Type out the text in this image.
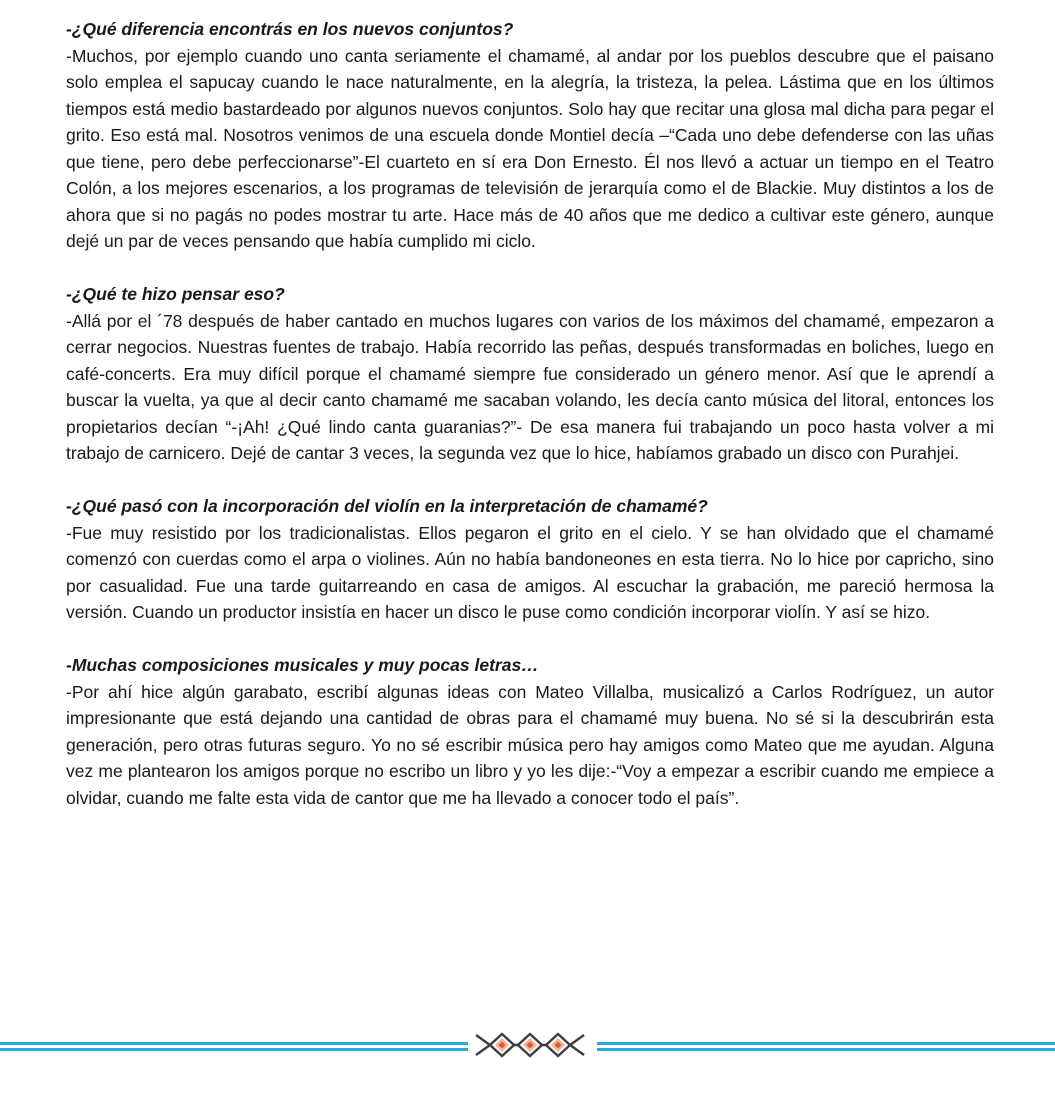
-¿Qué diferencia encontrás en los nuevos conjuntos?

-Muchos, por ejemplo cuando uno canta seriamente el chamamé, al andar por los pueblos descubre que el paisano solo emplea el sapucay cuando le nace naturalmente, en la alegría, la tristeza, la pelea. Lástima que en los últimos tiempos está medio bastardeado por algunos nuevos conjuntos. Solo hay que recitar una glosa mal dicha para pegar el grito. Eso está mal. Nosotros venimos de una escuela donde Montiel decía –“Cada uno debe defenderse con las uñas que tiene, pero debe perfeccionarse”-El cuarteto en sí era Don Ernesto. Él nos llevó a actuar un tiempo en el Teatro Colón, a los mejores escenarios, a los programas de televisión de jerarquía como el de Blackie. Muy distintos a los de ahora que si no pagás no podes mostrar tu arte. Hace más de 40 años que me dedico a cultivar este género, aunque dejé un par de veces pensando que había cumplido mi ciclo.

-¿Qué te hizo pensar eso?

-Allá por el ´78 después de haber cantado en muchos lugares con varios de los máximos del chamamé, empezaron a cerrar negocios. Nuestras fuentes de trabajo. Había recorrido las peñas, después transformadas en boliches, luego en café-concerts. Era muy difícil porque el chamamé siempre fue considerado un género menor. Así que le aprendí a buscar la vuelta, ya que al decir canto chamamé me sacaban volando, les decía canto música del litoral, entonces los propietarios decían “-¡Ah! ¿Qué lindo canta guaranias?”- De esa manera fui trabajando un poco hasta volver a mi trabajo de carnicero. Dejé de cantar 3 veces, la segunda vez que lo hice, habíamos grabado un disco con Purahjei.

-¿Qué pasó con la incorporación del violín en la interpretación de chamamé?

-Fue muy resistido por los tradicionalistas. Ellos pegaron el grito en el cielo. Y se han olvidado que el chamamé comenzó con cuerdas como el arpa o violines. Aún no había bandoneones en esta tierra. No lo hice por capricho, sino por casualidad. Fue una tarde guitarreando en casa de amigos. Al escuchar la grabación, me pareció hermosa la versión. Cuando un productor insistía en hacer un disco le puse como condición incorporar violín. Y así se hizo.

-Muchas composiciones musicales y muy pocas letras…

-Por ahí hice algún garabato, escribí algunas ideas con Mateo Villalba, musicalizó a Carlos Rodríguez, un autor impresionante que está dejando una cantidad de obras para el chamamé muy buena. No sé si la descubrirán esta generación, pero otras futuras seguro. Yo no sé escribir música pero hay amigos como Mateo que me ayudan. Alguna vez me plantearon los amigos porque no escribo un libro y yo les dije:-“Voy a empezar a escribir cuando me empiece a olvidar, cuando me falte esta vida de cantor que me ha llevado a conocer todo el país”.
